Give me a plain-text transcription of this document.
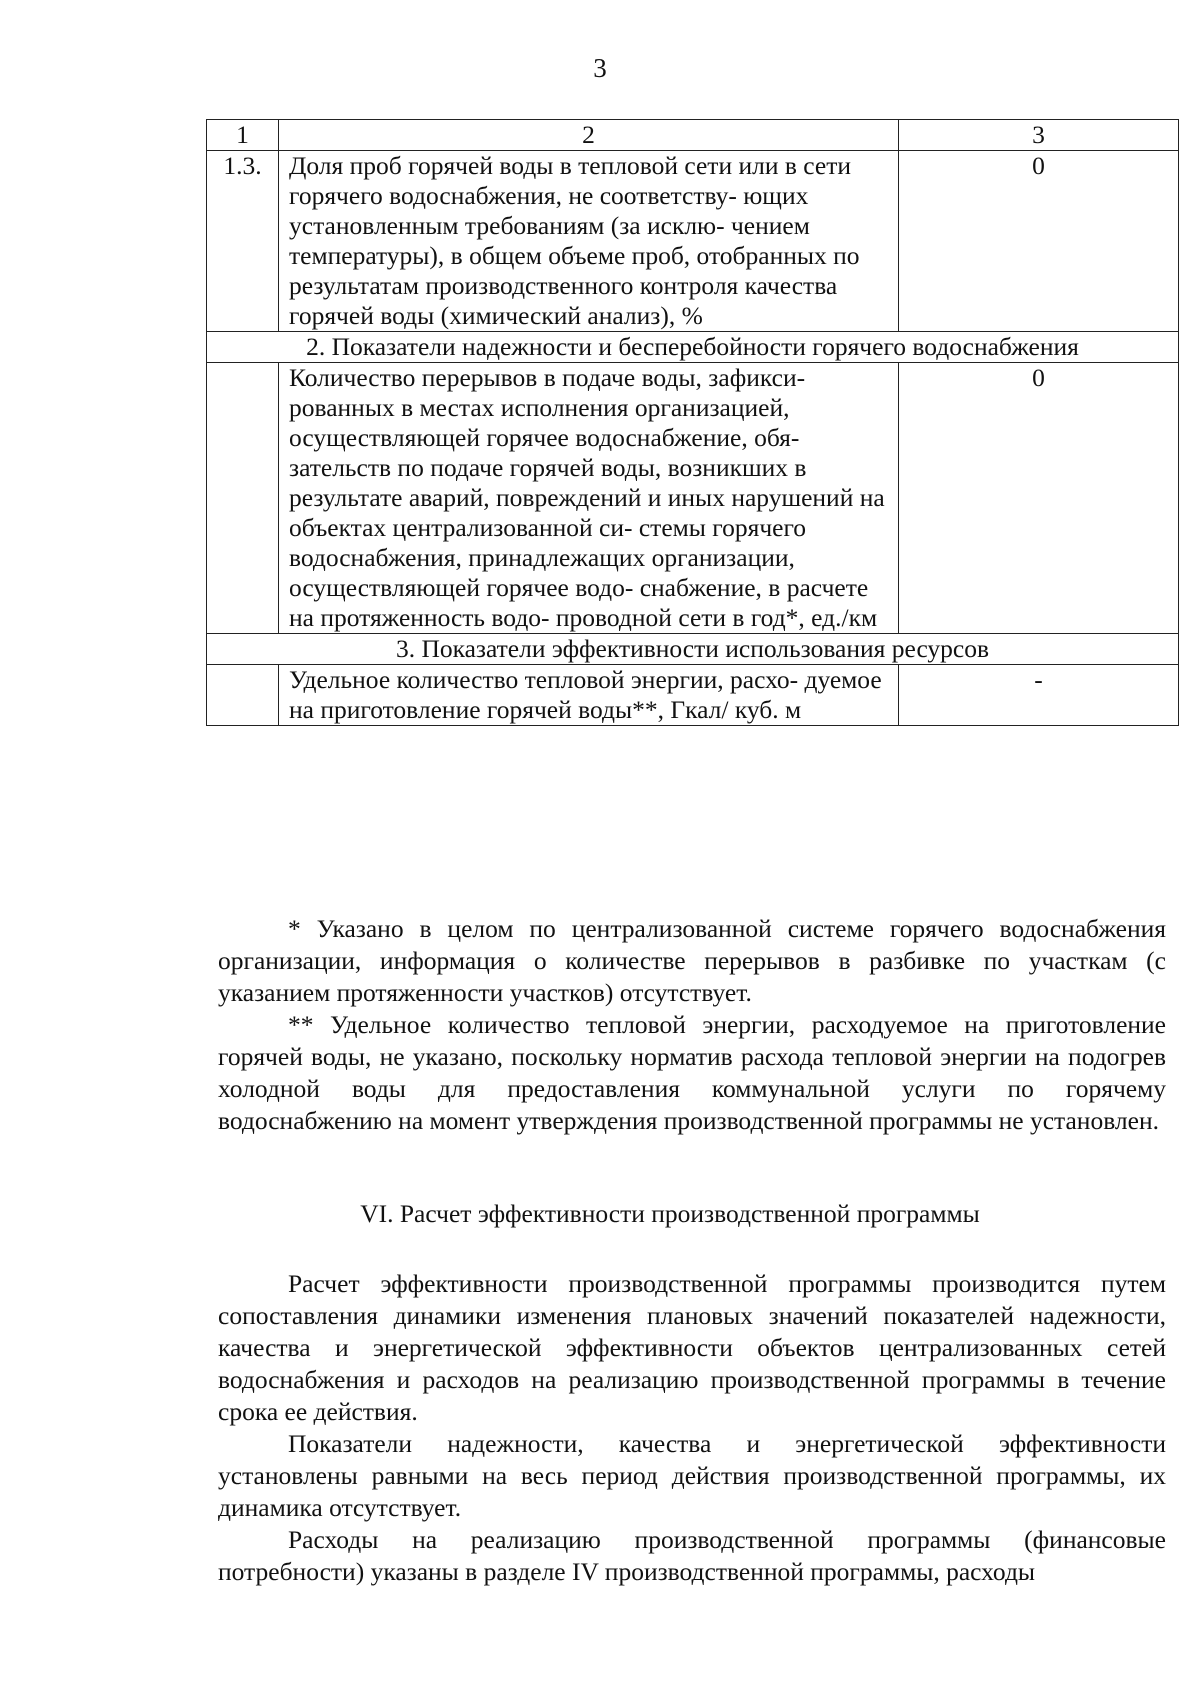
3
1	2	3
1.3.	Доля проб горячей воды в тепловой сети или в сети горячего водоснабжения, не соответству- ющих установленным требованиям (за исклю- чением температуры), в общем объеме проб, отобранных по результатам производственного контроля качества горячей воды (химический анализ), %	0
2. Показатели надежности и бесперебойности горячего водоснабжения		
	Количество перерывов в подаче воды, зафикси- рованных в местах исполнения организацией, осуществляющей горячее водоснабжение, обя- зательств по подаче горячей воды, возникших в результате аварий, повреждений и иных нарушений на объектах централизованной си- стемы горячего водоснабжения, принадлежащих организации, осуществляющей горячее водо- снабжение, в расчете на протяженность водо- проводной сети в год*, ед./км	0
3. Показатели эффективности использования ресурсов		
	Удельное количество тепловой энергии, расхо- дуемое на приготовление горячей воды**, Гкал/ куб. м	-

* Указано в целом по централизованной системе горячего водоснабжения организации, информация о количестве перерывов в разбивке по участкам (с указанием протяженности участков) отсутствует.

** Удельное количество тепловой энергии, расходуемое на приготовление горячей воды, не указано, поскольку норматив расхода тепловой энергии на подогрев холодной воды для предоставления коммунальной услуги по горячему водоснабжению на момент утверждения производственной программы не установлен.

VI. Расчет эффективности производственной программы

Расчет эффективности производственной программы производится путем сопоставления динамики изменения плановых значений показателей надежности, качества и энергетической эффективности объектов централизованных сетей водоснабжения и расходов на реализацию производственной программы в течение срока ее действия.

Показатели надежности, качества и энергетической эффективности установлены равными на весь период действия производственной программы, их динамика отсутствует.

Расходы на реализацию производственной программы (финансовые потребности) указаны в разделе IV производственной программы, расходы
